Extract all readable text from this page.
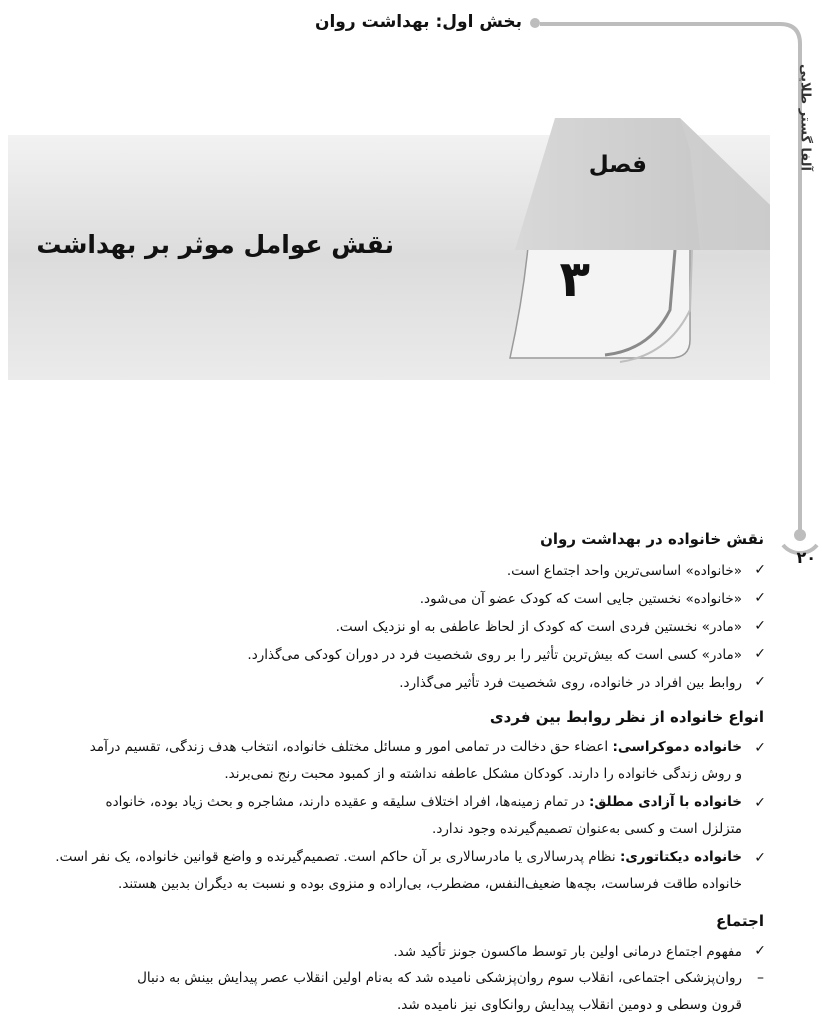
بخش اول: بهداشت روان
آلفا گستر طلایی
فصل
نقش عوامل موثر بر بهداشت
۳
۲۰
نقش خانواده در بهداشت روان
✓
«خانواده» اساسی‌ترین واحد اجتماع است.
✓
«خانواده» نخستین جایی است که کودک عضو آن می‌شود.
✓
«مادر» نخستین فردی است که کودک از لحاظ عاطفی به او نزدیک است.
✓
«مادر» کسی است که بیش‌ترین تأثیر را بر روی شخصیت فرد در دوران کودکی می‌گذارد.
✓
روابط بین افراد در خانواده، روی شخصیت فرد تأثیر می‌گذارد.
انواع خانواده از نظر روابط بین فردی
✓
خانواده دموکراسی: اعضاء حق دخالت در تمامی امور و مسائل مختلف خانواده، انتخاب هدف زندگی، تقسیم درآمد
و روش زندگی خانواده را دارند. کودکان مشکل عاطفه نداشته و از کمبود محبت رنج نمی‌برند.
✓
خانواده با آزادی مطلق: در تمام زمینه‌ها، افراد اختلاف سلیقه و عقیده دارند، مشاجره و بحث زیاد بوده، خانواده
متزلزل است و کسی به‌عنوان تصمیم‌گیرنده وجود ندارد.
✓
خانواده دیکتاتوری: نظام پدرسالاری یا مادرسالاری بر آن حاکم است. تصمیم‌گیرنده و واضع قوانین خانواده، یک نفر است.
خانواده طاقت فرساست، بچه‌ها ضعیف‌النفس، مضطرب، بی‌اراده و منزوی بوده و نسبت به دیگران بدبین هستند.
اجتماع
✓
مفهوم اجتماع درمانی اولین بار توسط ماکسون جونز تأکید شد.
–
روان‌پزشکی اجتماعی، انقلاب سوم روان‌پزشکی نامیده شد که به‌نام اولین انقلاب عصر پیدایش بینش به دنبال
قرون وسطی و دومین انقلاب پیدایش روانکاوی نیز نامیده شد.
